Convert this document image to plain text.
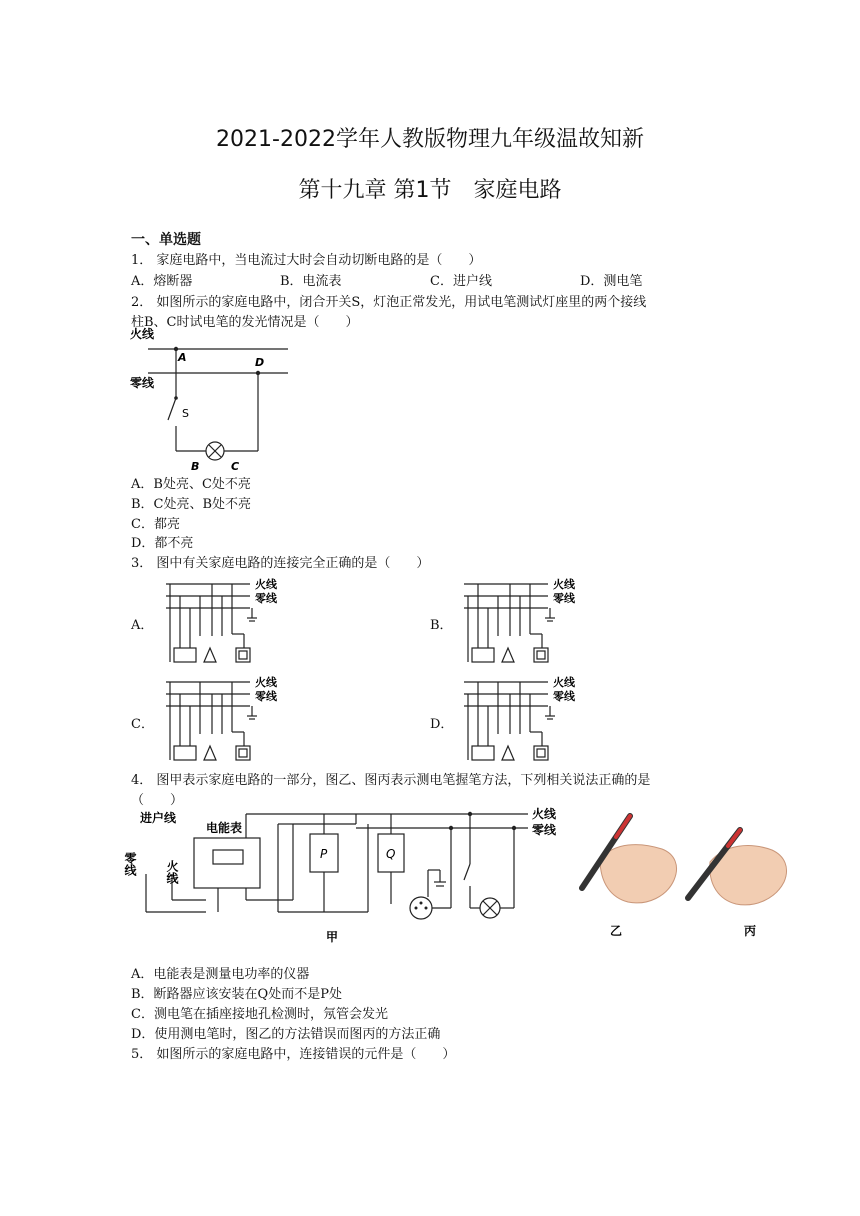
2021-2022学年人教版物理九年级温故知新
第十九章 第1节　家庭电路
一、单选题
1． 家庭电路中，当电流过大时会自动切断电路的是（　　）
A．熔断器	B．电流表	C．进户线	D．测电笔
2． 如图所示的家庭电路中，闭合开关S，灯泡正常发光，用试电笔测试灯座里的两个接线
柱B、C时试电笔的发光情况是（　　）
火线
零线
A	D
S
B	C
A．B处亮、C处不亮
B．C处亮、B处不亮
C．都亮
D．都不亮
3． 图中有关家庭电路的连接完全正确的是（　　）
A．	B．
C．	D．
火线
零线
火线
零线
火线
零线
火线
零线
4． 图甲表示家庭电路的一部分，图乙、图丙表示测电笔握笔方法，下列相关说法正确的是
（　　）
进户线
电能表
零线 火线
P	Q
火线
零线
甲	乙	丙
A．电能表是测量电功率的仪器
B．断路器应该安装在Q处而不是P处
C．测电笔在插座接地孔检测时，氖管会发光
D．使用测电笔时，图乙的方法错误而图丙的方法正确
5． 如图所示的家庭电路中，连接错误的元件是（　　）
